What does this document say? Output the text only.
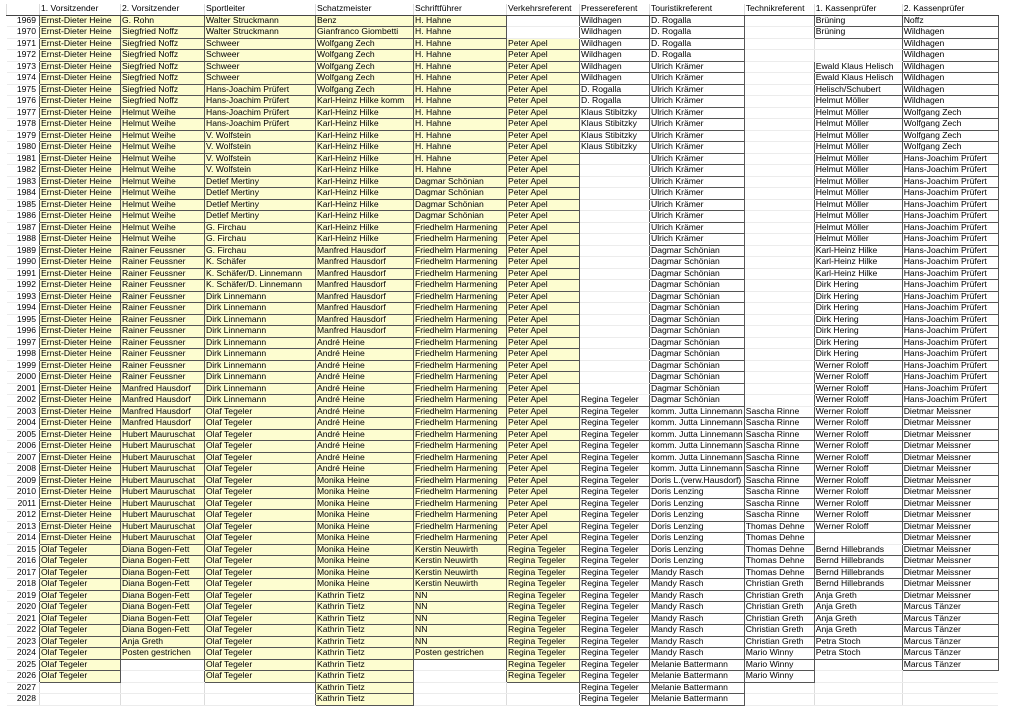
	1. Vorsitzender	2. Vorsitzender	Sportleiter	Schatzmeister	Schriftführer	Verkehrsreferent	Pressereferent	Touristikreferent	Technikreferent	1. Kassenprüfer	2. Kassenprüfer
1969	Ernst-Dieter Heine	G. Rohn	Walter Struckmann	Benz	H. Hahne		Wildhagen	D. Rogalla		Brüning	Noffz
1970	Ernst-Dieter Heine	Siegfried Noffz	Walter Struckmann	Gianfranco Giombetti	H. Hahne		Wildhagen	D. Rogalla		Brüning	Wildhagen
1971	Ernst-Dieter Heine	Siegfried Noffz	Schweer	Wolfgang Zech	H. Hahne	Peter Apel	Wildhagen	D. Rogalla			Wildhagen
1972	Ernst-Dieter Heine	Siegfried Noffz	Schweer	Wolfgang Zech	H. Hahne	Peter Apel	Wildhagen	D. Rogalla			Wildhagen
1973	Ernst-Dieter Heine	Siegfried Noffz	Schweer	Wolfgang Zech	H. Hahne	Peter Apel	Wildhagen	Ulrich Krämer		Ewald Klaus Helisch	Wildhagen
1974	Ernst-Dieter Heine	Siegfried Noffz	Schweer	Wolfgang Zech	H. Hahne	Peter Apel	Wildhagen	Ulrich Krämer		Ewald Klaus Helisch	Wildhagen
1975	Ernst-Dieter Heine	Siegfried Noffz	Hans-Joachim Prüfert	Wolfgang Zech	H. Hahne	Peter Apel	D. Rogalla	Ulrich Krämer		Helisch/Schubert	Wildhagen
1976	Ernst-Dieter Heine	Siegfried Noffz	Hans-Joachim Prüfert	Karl-Heinz Hilke komm	H. Hahne	Peter Apel	D. Rogalla	Ulrich Krämer		Helmut Möller	Wildhagen
1977	Ernst-Dieter Heine	Helmut Weihe	Hans-Joachim Prüfert	Karl-Heinz Hilke	H. Hahne	Peter Apel	Klaus Stibitzky	Ulrich Krämer		Helmut Möller	Wolfgang Zech
1978	Ernst-Dieter Heine	Helmut Weihe	Hans-Joachim Prüfert	Karl-Heinz Hilke	H. Hahne	Peter Apel	Klaus Stibitzky	Ulrich Krämer		Helmut Möller	Wolfgang Zech
1979	Ernst-Dieter Heine	Helmut Weihe	V. Wolfstein	Karl-Heinz Hilke	H. Hahne	Peter Apel	Klaus Stibitzky	Ulrich Krämer		Helmut Möller	Wolfgang Zech
1980	Ernst-Dieter Heine	Helmut Weihe	V. Wolfstein	Karl-Heinz Hilke	H. Hahne	Peter Apel	Klaus Stibitzky	Ulrich Krämer		Helmut Möller	Wolfgang Zech
1981	Ernst-Dieter Heine	Helmut Weihe	V. Wolfstein	Karl-Heinz Hilke	H. Hahne	Peter Apel		Ulrich Krämer		Helmut Möller	Hans-Joachim Prüfert
1982	Ernst-Dieter Heine	Helmut Weihe	V. Wolfstein	Karl-Heinz Hilke	H. Hahne	Peter Apel		Ulrich Krämer		Helmut Möller	Hans-Joachim Prüfert
1983	Ernst-Dieter Heine	Helmut Weihe	Detlef Mertiny	Karl-Heinz Hilke	Dagmar Schönian	Peter Apel		Ulrich Krämer		Helmut Möller	Hans-Joachim Prüfert
1984	Ernst-Dieter Heine	Helmut Weihe	Detlef Mertiny	Karl-Heinz Hilke	Dagmar Schönian	Peter Apel		Ulrich Krämer		Helmut Möller	Hans-Joachim Prüfert
1985	Ernst-Dieter Heine	Helmut Weihe	Detlef Mertiny	Karl-Heinz Hilke	Dagmar Schönian	Peter Apel		Ulrich Krämer		Helmut Möller	Hans-Joachim Prüfert
1986	Ernst-Dieter Heine	Helmut Weihe	Detlef Mertiny	Karl-Heinz Hilke	Dagmar Schönian	Peter Apel		Ulrich Krämer		Helmut Möller	Hans-Joachim Prüfert
1987	Ernst-Dieter Heine	Helmut Weihe	G. Firchau	Karl-Heinz Hilke	Friedhelm Harmening	Peter Apel		Ulrich Krämer		Helmut Möller	Hans-Joachim Prüfert
1988	Ernst-Dieter Heine	Helmut Weihe	G. Firchau	Karl-Heinz Hilke	Friedhelm Harmening	Peter Apel		Ulrich Krämer		Helmut Möller	Hans-Joachim Prüfert
1989	Ernst-Dieter Heine	Rainer Feussner	G. Firchau	Manfred Hausdorf	Friedhelm Harmening	Peter Apel		Dagmar Schönian		Karl-Heinz Hilke	Hans-Joachim Prüfert
1990	Ernst-Dieter Heine	Rainer Feussner	K. Schäfer	Manfred Hausdorf	Friedhelm Harmening	Peter Apel		Dagmar Schönian		Karl-Heinz Hilke	Hans-Joachim Prüfert
1991	Ernst-Dieter Heine	Rainer Feussner	K. Schäfer/D. Linnemann	Manfred Hausdorf	Friedhelm Harmening	Peter Apel		Dagmar Schönian		Karl-Heinz Hilke	Hans-Joachim Prüfert
1992	Ernst-Dieter Heine	Rainer Feussner	K. Schäfer/D. Linnemann	Manfred Hausdorf	Friedhelm Harmening	Peter Apel		Dagmar Schönian		Dirk Hering	Hans-Joachim Prüfert
1993	Ernst-Dieter Heine	Rainer Feussner	Dirk Linnemann	Manfred Hausdorf	Friedhelm Harmening	Peter Apel		Dagmar Schönian		Dirk Hering	Hans-Joachim Prüfert
1994	Ernst-Dieter Heine	Rainer Feussner	Dirk Linnemann	Manfred Hausdorf	Friedhelm Harmening	Peter Apel		Dagmar Schönian		Dirk Hering	Hans-Joachim Prüfert
1995	Ernst-Dieter Heine	Rainer Feussner	Dirk Linnemann	Manfred Hausdorf	Friedhelm Harmening	Peter Apel		Dagmar Schönian		Dirk Hering	Hans-Joachim Prüfert
1996	Ernst-Dieter Heine	Rainer Feussner	Dirk Linnemann	Manfred Hausdorf	Friedhelm Harmening	Peter Apel		Dagmar Schönian		Dirk Hering	Hans-Joachim Prüfert
1997	Ernst-Dieter Heine	Rainer Feussner	Dirk Linnemann	André Heine	Friedhelm Harmening	Peter Apel		Dagmar Schönian		Dirk Hering	Hans-Joachim Prüfert
1998	Ernst-Dieter Heine	Rainer Feussner	Dirk Linnemann	André Heine	Friedhelm Harmening	Peter Apel		Dagmar Schönian		Dirk Hering	Hans-Joachim Prüfert
1999	Ernst-Dieter Heine	Rainer Feussner	Dirk Linnemann	André Heine	Friedhelm Harmening	Peter Apel		Dagmar Schönian		Werner Roloff	Hans-Joachim Prüfert
2000	Ernst-Dieter Heine	Rainer Feussner	Dirk Linnemann	André Heine	Friedhelm Harmening	Peter Apel		Dagmar Schönian		Werner Roloff	Hans-Joachim Prüfert
2001	Ernst-Dieter Heine	Manfred Hausdorf	Dirk Linnemann	André Heine	Friedhelm Harmening	Peter Apel		Dagmar Schönian		Werner Roloff	Hans-Joachim Prüfert
2002	Ernst-Dieter Heine	Manfred Hausdorf	Dirk Linnemann	André Heine	Friedhelm Harmening	Peter Apel	Regina Tegeler	Dagmar Schönian		Werner Roloff	Hans-Joachim Prüfert
2003	Ernst-Dieter Heine	Manfred Hausdorf	Olaf Tegeler	André Heine	Friedhelm Harmening	Peter Apel	Regina Tegeler	komm. Jutta Linnemann	Sascha Rinne	Werner Roloff	Dietmar Meissner
2004	Ernst-Dieter Heine	Manfred Hausdorf	Olaf Tegeler	André Heine	Friedhelm Harmening	Peter Apel	Regina Tegeler	komm. Jutta Linnemann	Sascha Rinne	Werner Roloff	Dietmar Meissner
2005	Ernst-Dieter Heine	Hubert Mauruschat	Olaf Tegeler	André Heine	Friedhelm Harmening	Peter Apel	Regina Tegeler	komm. Jutta Linnemann	Sascha Rinne	Werner Roloff	Dietmar Meissner
2006	Ernst-Dieter Heine	Hubert Mauruschat	Olaf Tegeler	André Heine	Friedhelm Harmening	Peter Apel	Regina Tegeler	komm. Jutta Linnemann	Sascha Rinne	Werner Roloff	Dietmar Meissner
2007	Ernst-Dieter Heine	Hubert Mauruschat	Olaf Tegeler	André Heine	Friedhelm Harmening	Peter Apel	Regina Tegeler	komm. Jutta Linnemann	Sascha Rinne	Werner Roloff	Dietmar Meissner
2008	Ernst-Dieter Heine	Hubert Mauruschat	Olaf Tegeler	André Heine	Friedhelm Harmening	Peter Apel	Regina Tegeler	komm. Jutta Linnemann	Sascha Rinne	Werner Roloff	Dietmar Meissner
2009	Ernst-Dieter Heine	Hubert Mauruschat	Olaf Tegeler	Monika Heine	Friedhelm Harmening	Peter Apel	Regina Tegeler	Doris L.(verw.Hausdorf)	Sascha Rinne	Werner Roloff	Dietmar Meissner
2010	Ernst-Dieter Heine	Hubert Mauruschat	Olaf Tegeler	Monika Heine	Friedhelm Harmening	Peter Apel	Regina Tegeler	Doris Lenzing	Sascha Rinne	Werner Roloff	Dietmar Meissner
2011	Ernst-Dieter Heine	Hubert Mauruschat	Olaf Tegeler	Monika Heine	Friedhelm Harmening	Peter Apel	Regina Tegeler	Doris Lenzing	Sascha Rinne	Werner Roloff	Dietmar Meissner
2012	Ernst-Dieter Heine	Hubert Mauruschat	Olaf Tegeler	Monika Heine	Friedhelm Harmening	Peter Apel	Regina Tegeler	Doris Lenzing	Sascha Rinne	Werner Roloff	Dietmar Meissner
2013	Ernst-Dieter Heine	Hubert Mauruschat	Olaf Tegeler	Monika Heine	Friedhelm Harmening	Peter Apel	Regina Tegeler	Doris Lenzing	Thomas Dehne	Werner Roloff	Dietmar Meissner
2014	Ernst-Dieter Heine	Hubert Mauruschat	Olaf Tegeler	Monika Heine	Friedhelm Harmening	Peter Apel	Regina Tegeler	Doris Lenzing	Thomas Dehne		Dietmar Meissner
2015	Olaf Tegeler	Diana Bogen-Fett	Olaf Tegeler	Monika Heine	Kerstin Neuwirth	Regina Tegeler	Regina Tegeler	Doris Lenzing	Thomas Dehne	Bernd Hillebrands	Dietmar Meissner
2016	Olaf Tegeler	Diana Bogen-Fett	Olaf Tegeler	Monika Heine	Kerstin Neuwirth	Regina Tegeler	Regina Tegeler	Doris Lenzing	Thomas Dehne	Bernd Hillebrands	Dietmar Meissner
2017	Olaf Tegeler	Diana Bogen-Fett	Olaf Tegeler	Monika Heine	Kerstin Neuwirth	Regina Tegeler	Regina Tegeler	Mandy Rasch	Thomas Dehne	Bernd Hillebrands	Dietmar Meissner
2018	Olaf Tegeler	Diana Bogen-Fett	Olaf Tegeler	Monika Heine	Kerstin Neuwirth	Regina Tegeler	Regina Tegeler	Mandy Rasch	Christian Greth	Bernd Hillebrands	Dietmar Meissner
2019	Olaf Tegeler	Diana Bogen-Fett	Olaf Tegeler	Kathrin Tietz	NN	Regina Tegeler	Regina Tegeler	Mandy Rasch	Christian Greth	Anja Greth	Dietmar Meissner
2020	Olaf Tegeler	Diana Bogen-Fett	Olaf Tegeler	Kathrin Tietz	NN	Regina Tegeler	Regina Tegeler	Mandy Rasch	Christian Greth	Anja Greth	Marcus Tänzer
2021	Olaf Tegeler	Diana Bogen-Fett	Olaf Tegeler	Kathrin Tietz	NN	Regina Tegeler	Regina Tegeler	Mandy Rasch	Christian Greth	Anja Greth	Marcus Tänzer
2022	Olaf Tegeler	Diana Bogen-Fett	Olaf Tegeler	Kathrin Tietz	NN	Regina Tegeler	Regina Tegeler	Mandy Rasch	Christian Greth	Anja Greth	Marcus Tänzer
2023	Olaf Tegeler	Anja Greth	Olaf Tegeler	Kathrin Tietz	NN	Regina Tegeler	Regina Tegeler	Mandy Rasch	Christian Greth	Petra Stoch	Marcus Tänzer
2024	Olaf Tegeler	Posten gestrichen	Olaf Tegeler	Kathrin Tietz	Posten gestrichen	Regina Tegeler	Regina Tegeler	Mandy Rasch	Mario Winny	Petra Stoch	Marcus Tänzer
2025	Olaf Tegeler		Olaf Tegeler	Kathrin Tietz		Regina Tegeler	Regina Tegeler	Melanie Battermann	Mario Winny		Marcus Tänzer
2026	Olaf Tegeler		Olaf Tegeler	Kathrin Tietz		Regina Tegeler	Regina Tegeler	Melanie Battermann	Mario Winny		
2027				Kathrin Tietz			Regina Tegeler	Melanie Battermann			
2028				Kathrin Tietz			Regina Tegeler	Melanie Battermann			
